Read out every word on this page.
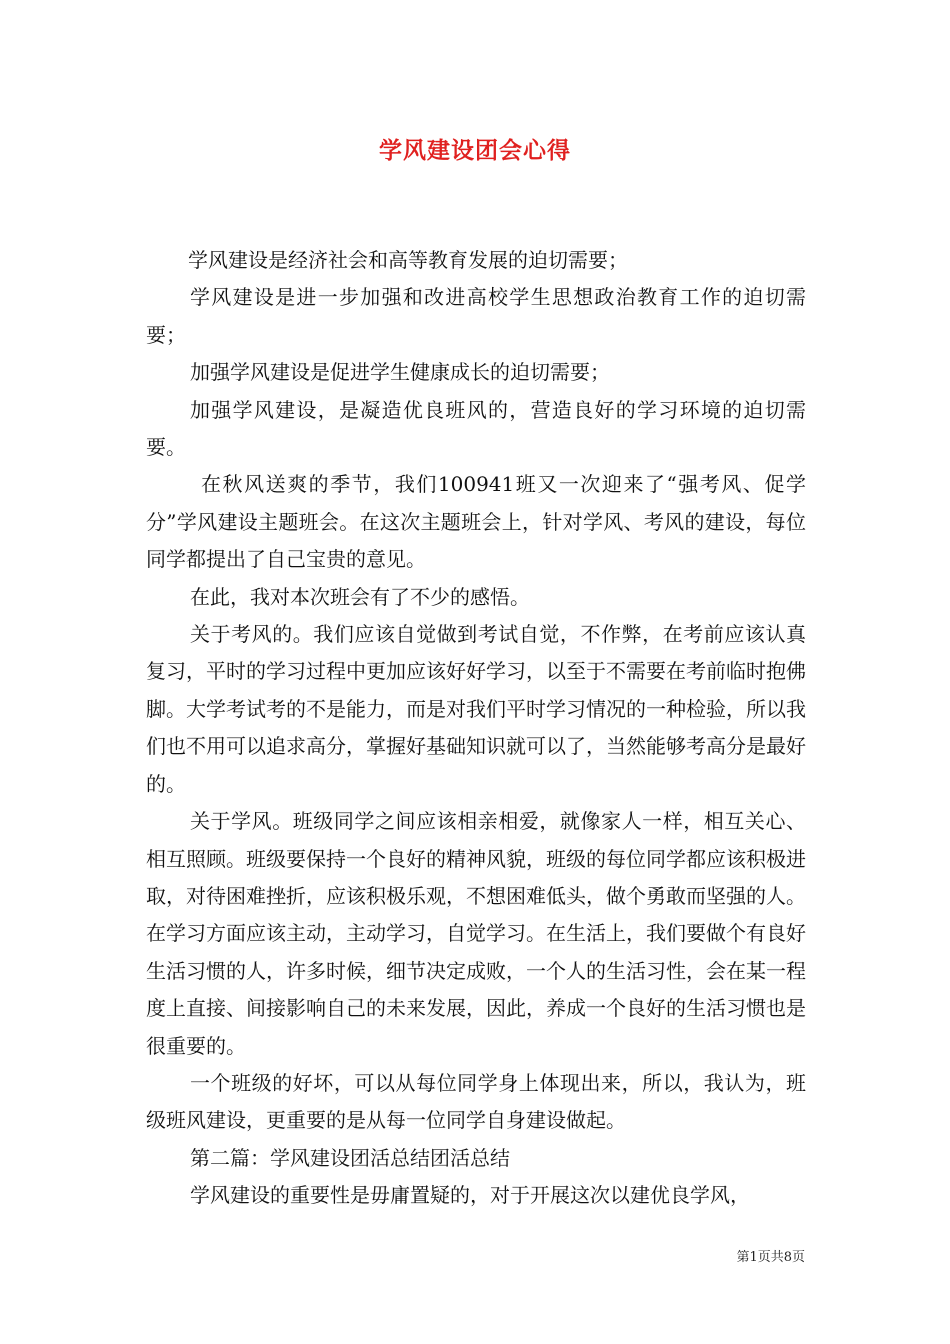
学风建设团会心得

学风建设是经济社会和高等教育发展的迫切需要；

学风建设是进一步加强和改进高校学生思想政治教育工作的迫切需要；

加强学风建设是促进学生健康成长的迫切需要；

加强学风建设，是凝造优良班风的，营造良好的学习环境的迫切需要。

在秋风送爽的季节，我们100941班又一次迎来了“强考风、促学分”学风建设主题班会。在这次主题班会上，针对学风、考风的建设，每位同学都提出了自己宝贵的意见。

在此，我对本次班会有了不少的感悟。

关于考风的。我们应该自觉做到考试自觉，不作弊，在考前应该认真复习，平时的学习过程中更加应该好好学习，以至于不需要在考前临时抱佛脚。大学考试考的不是能力，而是对我们平时学习情况的一种检验，所以我们也不用可以追求高分，掌握好基础知识就可以了，当然能够考高分是最好的。

关于学风。班级同学之间应该相亲相爱，就像家人一样，相互关心、相互照顾。班级要保持一个良好的精神风貌，班级的每位同学都应该积极进取，对待困难挫折，应该积极乐观，不想困难低头，做个勇敢而坚强的人。在学习方面应该主动，主动学习，自觉学习。在生活上，我们要做个有良好生活习惯的人，许多时候，细节决定成败，一个人的生活习性，会在某一程度上直接、间接影响自己的未来发展，因此，养成一个良好的生活习惯也是很重要的。

一个班级的好坏，可以从每位同学身上体现出来，所以，我认为，班级班风建设，更重要的是从每一位同学自身建设做起。

第二篇：学风建设团活总结团活总结

学风建设的重要性是毋庸置疑的，对于开展这次以建优良学风，

第1页共8页
